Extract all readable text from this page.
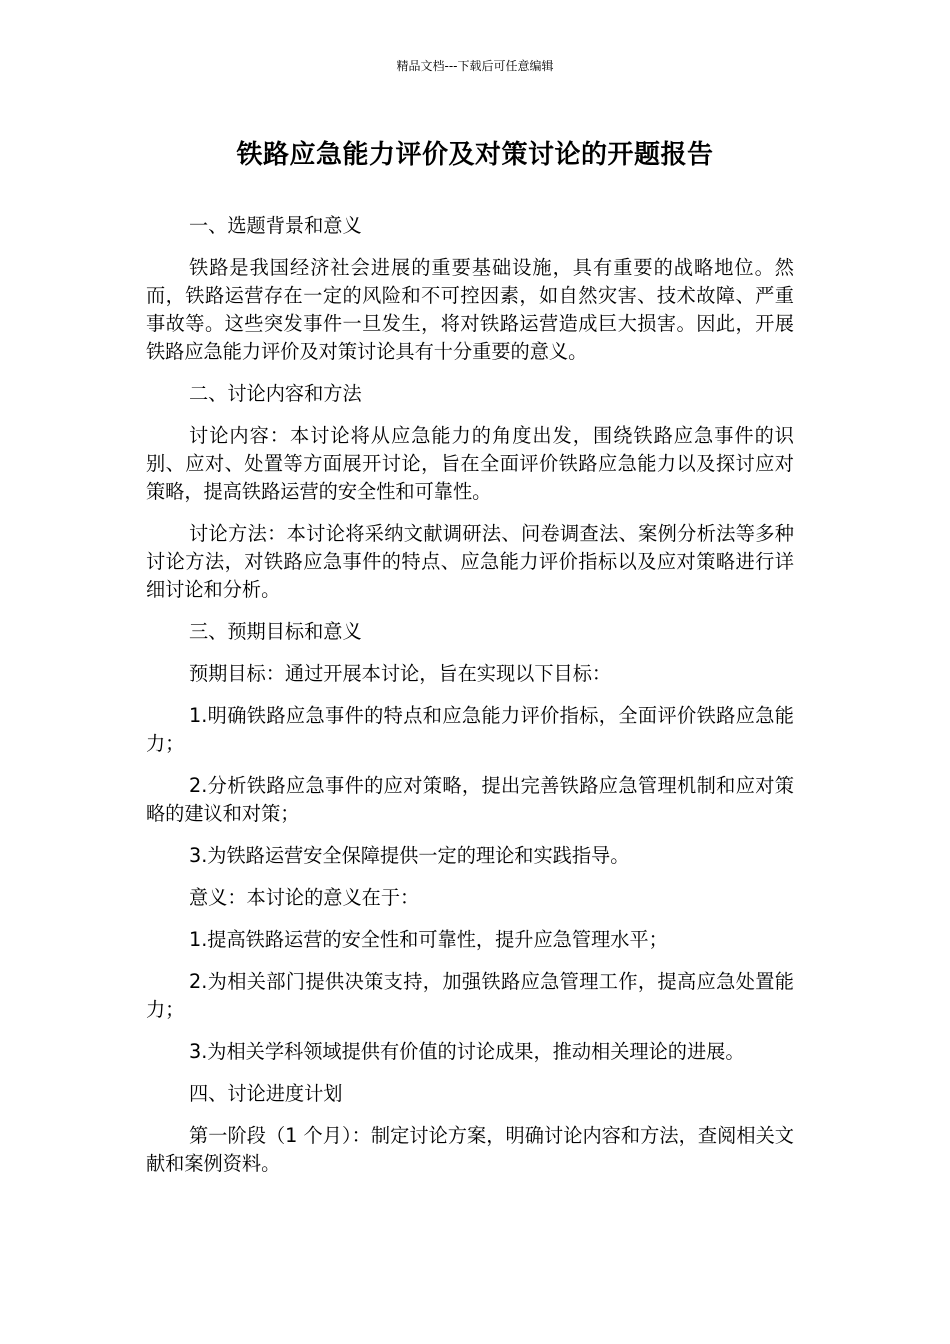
精品文档---下载后可任意编辑
铁路应急能力评价及对策讨论的开题报告

一、选题背景和意义

铁路是我国经济社会进展的重要基础设施，具有重要的战略地位。然而，铁路运营存在一定的风险和不可控因素，如自然灾害、技术故障、严重事故等。这些突发事件一旦发生，将对铁路运营造成巨大损害。因此，开展铁路应急能力评价及对策讨论具有十分重要的意义。

二、讨论内容和方法

讨论内容：本讨论将从应急能力的角度出发，围绕铁路应急事件的识别、应对、处置等方面展开讨论，旨在全面评价铁路应急能力以及探讨应对策略，提高铁路运营的安全性和可靠性。

讨论方法：本讨论将采纳文献调研法、问卷调查法、案例分析法等多种讨论方法，对铁路应急事件的特点、应急能力评价指标以及应对策略进行详细讨论和分析。

三、预期目标和意义

预期目标：通过开展本讨论，旨在实现以下目标：

1.明确铁路应急事件的特点和应急能力评价指标，全面评价铁路应急能力；

2.分析铁路应急事件的应对策略，提出完善铁路应急管理机制和应对策略的建议和对策；

3.为铁路运营安全保障提供一定的理论和实践指导。

意义：本讨论的意义在于：

1.提高铁路运营的安全性和可靠性，提升应急管理水平；

2.为相关部门提供决策支持，加强铁路应急管理工作，提高应急处置能力；

3.为相关学科领域提供有价值的讨论成果，推动相关理论的进展。

四、讨论进度计划

第一阶段（1 个月）：制定讨论方案，明确讨论内容和方法，查阅相关文献和案例资料。
